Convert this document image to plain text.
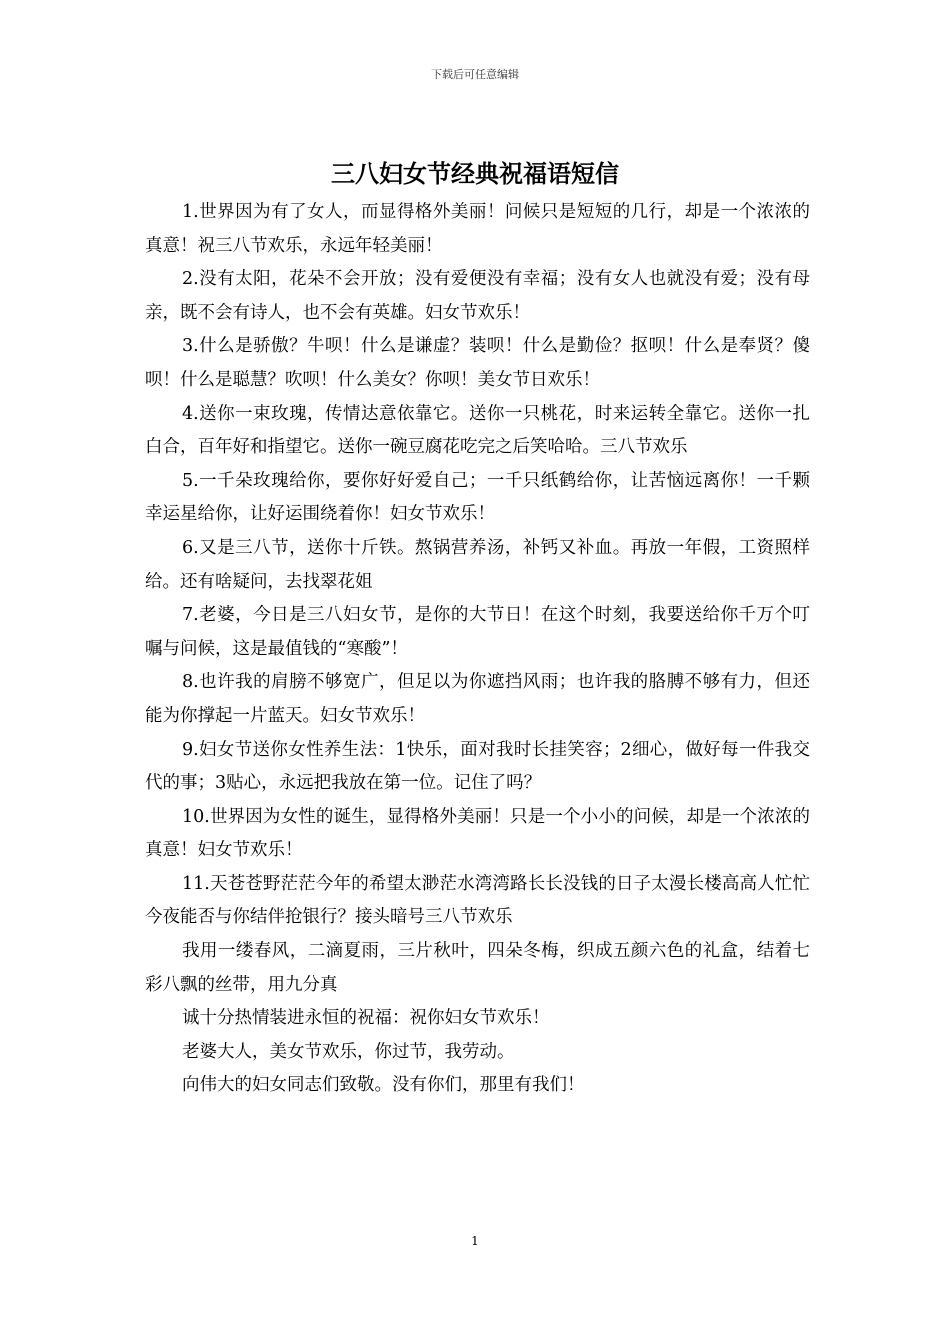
下载后可任意编辑
三八妇女节经典祝福语短信

1.世界因为有了女人，而显得格外美丽！问候只是短短的几行，却是一个浓浓的真意！祝三八节欢乐，永远年轻美丽！

2.没有太阳，花朵不会开放；没有爱便没有幸福；没有女人也就没有爱；没有母亲，既不会有诗人，也不会有英雄。妇女节欢乐！

3.什么是骄傲？牛呗！什么是谦虚？装呗！什么是勤俭？抠呗！什么是奉贤？傻呗！什么是聪慧？吹呗！什么美女？你呗！美女节日欢乐！

4.送你一束玫瑰，传情达意依靠它。送你一只桃花，时来运转全靠它。送你一扎白合，百年好和指望它。送你一碗豆腐花吃完之后笑哈哈。三八节欢乐

5.一千朵玫瑰给你，要你好好爱自己；一千只纸鹤给你，让苦恼远离你！一千颗幸运星给你，让好运围绕着你！妇女节欢乐！

6.又是三八节，送你十斤铁。熬锅营养汤，补钙又补血。再放一年假，工资照样给。还有啥疑问，去找翠花姐

7.老婆，今日是三八妇女节，是你的大节日！在这个时刻，我要送给你千万个叮嘱与问候，这是最值钱的“寒酸”！

8.也许我的肩膀不够宽广，但足以为你遮挡风雨；也许我的胳膊不够有力，但还能为你撑起一片蓝天。妇女节欢乐！

9.妇女节送你女性养生法：1快乐，面对我时长挂笑容；2细心，做好每一件我交代的事；3贴心，永远把我放在第一位。记住了吗？

10.世界因为女性的诞生，显得格外美丽！只是一个小小的问候，却是一个浓浓的真意！妇女节欢乐！

11.天苍苍野茫茫今年的希望太渺茫水湾湾路长长没钱的日子太漫长楼高高人忙忙今夜能否与你结伴抢银行？接头暗号三八节欢乐

我用一缕春风，二滴夏雨，三片秋叶，四朵冬梅，织成五颜六色的礼盒，结着七彩八飘的丝带，用九分真

诚十分热情装进永恒的祝福：祝你妇女节欢乐！

老婆大人，美女节欢乐，你过节，我劳动。

向伟大的妇女同志们致敬。没有你们，那里有我们！

1
